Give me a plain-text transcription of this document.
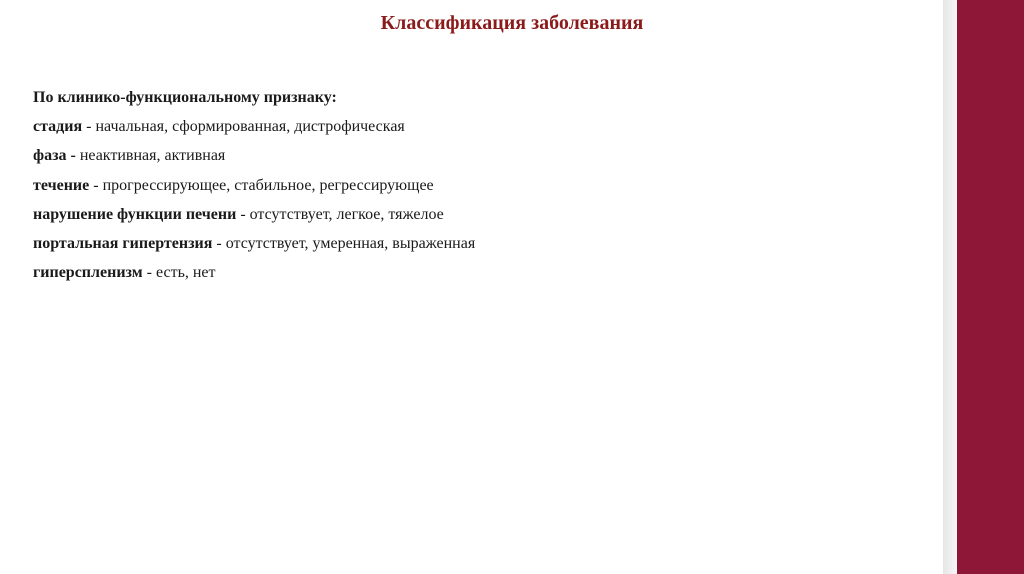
Классификация заболевания
По клинико-функциональному признаку:
стадия - начальная, сформированная, дистрофическая
фаза - неактивная, активная
течение - прогрессирующее, стабильное, регрессирующее
нарушение функции печени - отсутствует, легкое, тяжелое
портальная гипертензия - отсутствует, умеренная, выраженная
гиперспленизм - есть, нет
